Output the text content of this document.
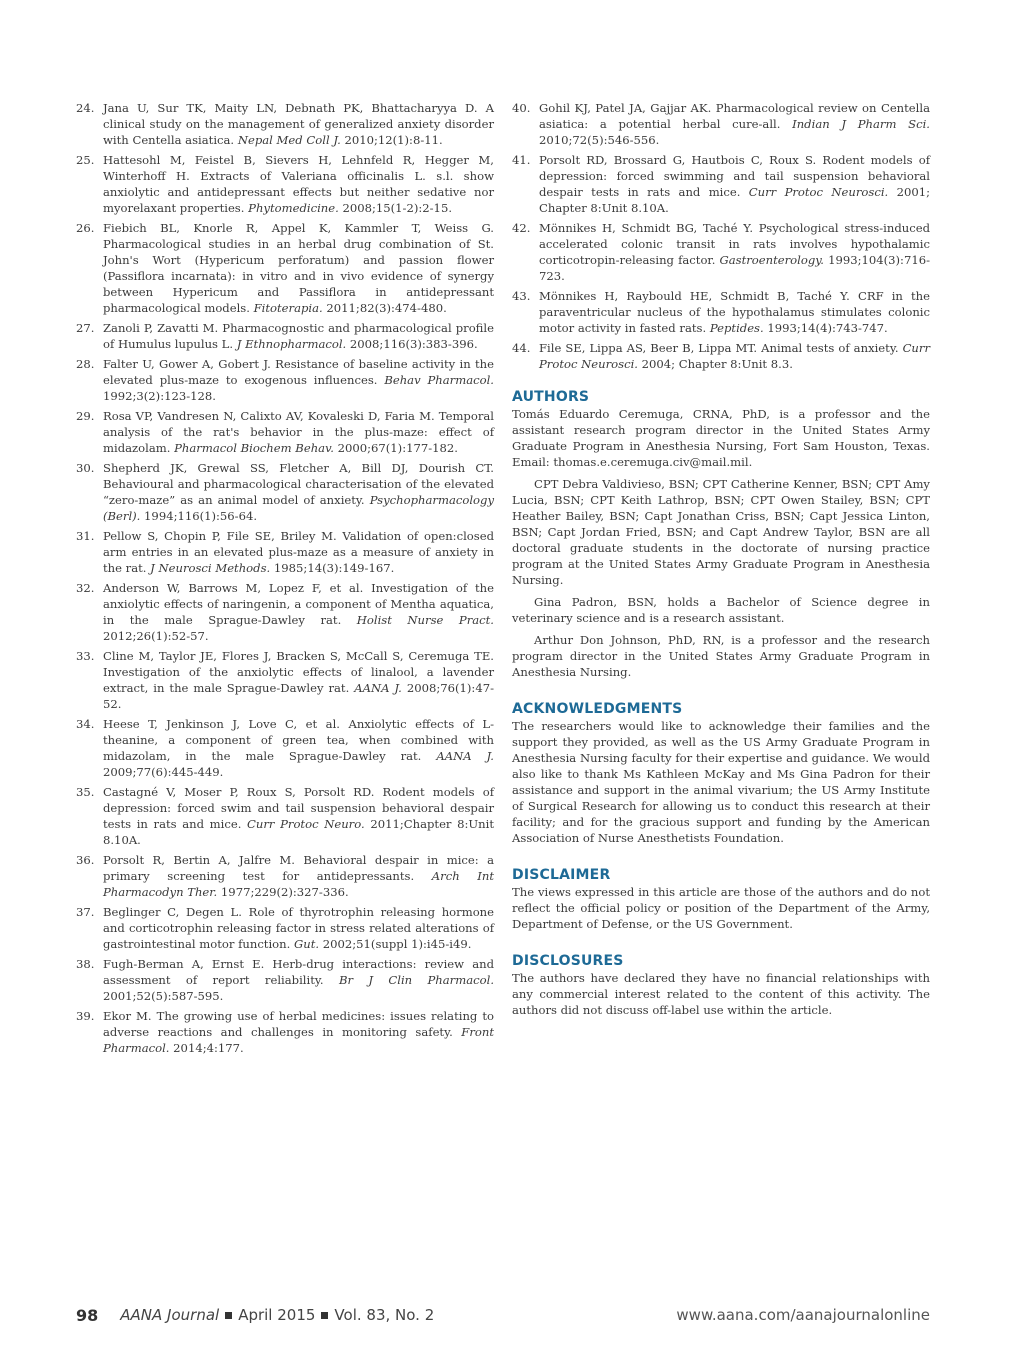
24. Jana U, Sur TK, Maity LN, Debnath PK, Bhattacharyya D. A clinical study on the management of generalized anxiety disorder with Centella asiatica. Nepal Med Coll J. 2010;12(1):8-11.
25. Hattesohl M, Feistel B, Sievers H, Lehnfeld R, Hegger M, Winterhoff H. Extracts of Valeriana officinalis L. s.l. show anxiolytic and antidepressant effects but neither sedative nor myorelaxant properties. Phytomedicine. 2008;15(1-2):2-15.
26. Fiebich BL, Knorle R, Appel K, Kammler T, Weiss G. Pharmacological studies in an herbal drug combination of St. John's Wort (Hypericum perforatum) and passion flower (Passiflora incarnata): in vitro and in vivo evidence of synergy between Hypericum and Passiflora in antidepressant pharmacological models. Fitoterapia. 2011;82(3):474-480.
27. Zanoli P, Zavatti M. Pharmacognostic and pharmacological profile of Humulus lupulus L. J Ethnopharmacol. 2008;116(3):383-396.
28. Falter U, Gower A, Gobert J. Resistance of baseline activity in the elevated plus-maze to exogenous influences. Behav Pharmacol. 1992;3(2):123-128.
29. Rosa VP, Vandresen N, Calixto AV, Kovaleski D, Faria M. Temporal analysis of the rat's behavior in the plus-maze: effect of midazolam. Pharmacol Biochem Behav. 2000;67(1):177-182.
30. Shepherd JK, Grewal SS, Fletcher A, Bill DJ, Dourish CT. Behavioural and pharmacological characterisation of the elevated “zero-maze” as an animal model of anxiety. Psychopharmacology (Berl). 1994;116(1):56-64.
31. Pellow S, Chopin P, File SE, Briley M. Validation of open:closed arm entries in an elevated plus-maze as a measure of anxiety in the rat. J Neurosci Methods. 1985;14(3):149-167.
32. Anderson W, Barrows M, Lopez F, et al. Investigation of the anxiolytic effects of naringenin, a component of Mentha aquatica, in the male Sprague-Dawley rat. Holist Nurse Pract. 2012;26(1):52-57.
33. Cline M, Taylor JE, Flores J, Bracken S, McCall S, Ceremuga TE. Investigation of the anxiolytic effects of linalool, a lavender extract, in the male Sprague-Dawley rat. AANA J. 2008;76(1):47-52.
34. Heese T, Jenkinson J, Love C, et al. Anxiolytic effects of L-theanine, a component of green tea, when combined with midazolam, in the male Sprague-Dawley rat. AANA J. 2009;77(6):445-449.
35. Castagné V, Moser P, Roux S, Porsolt RD. Rodent models of depression: forced swim and tail suspension behavioral despair tests in rats and mice. Curr Protoc Neuro. 2011;Chapter 8:Unit 8.10A.
36. Porsolt R, Bertin A, Jalfre M. Behavioral despair in mice: a primary screening test for antidepressants. Arch Int Pharmacodyn Ther. 1977;229(2):327-336.
37. Beglinger C, Degen L. Role of thyrotrophin releasing hormone and corticotrophin releasing factor in stress related alterations of gastrointestinal motor function. Gut. 2002;51(suppl 1):i45-i49.
38. Fugh-Berman A, Ernst E. Herb-drug interactions: review and assessment of report reliability. Br J Clin Pharmacol. 2001;52(5):587-595.
39. Ekor M. The growing use of herbal medicines: issues relating to adverse reactions and challenges in monitoring safety. Front Pharmacol. 2014;4:177.
40. Gohil KJ, Patel JA, Gajjar AK. Pharmacological review on Centella asiatica: a potential herbal cure-all. Indian J Pharm Sci. 2010;72(5):546-556.
41. Porsolt RD, Brossard G, Hautbois C, Roux S. Rodent models of depression: forced swimming and tail suspension behavioral despair tests in rats and mice. Curr Protoc Neurosci. 2001; Chapter 8:Unit 8.10A.
42. Mönnikes H, Schmidt BG, Taché Y. Psychological stress-induced accelerated colonic transit in rats involves hypothalamic corticotropin-releasing factor. Gastroenterology. 1993;104(3):716-723.
43. Mönnikes H, Raybould HE, Schmidt B, Taché Y. CRF in the paraventricular nucleus of the hypothalamus stimulates colonic motor activity in fasted rats. Peptides. 1993;14(4):743-747.
44. File SE, Lippa AS, Beer B, Lippa MT. Animal tests of anxiety. Curr Protoc Neurosci. 2004; Chapter 8:Unit 8.3.
AUTHORS

Tomás Eduardo Ceremuga, CRNA, PhD, is a professor and the assistant research program director in the United States Army Graduate Program in Anesthesia Nursing, Fort Sam Houston, Texas. Email: thomas.e.ceremuga.civ@mail.mil.

CPT Debra Valdivieso, BSN; CPT Catherine Kenner, BSN; CPT Amy Lucia, BSN; CPT Keith Lathrop, BSN; CPT Owen Stailey, BSN; CPT Heather Bailey, BSN; Capt Jonathan Criss, BSN; Capt Jessica Linton, BSN; Capt Jordan Fried, BSN; and Capt Andrew Taylor, BSN are all doctoral graduate students in the doctorate of nursing practice program at the United States Army Graduate Program in Anesthesia Nursing.

Gina Padron, BSN, holds a Bachelor of Science degree in veterinary science and is a research assistant.

Arthur Don Johnson, PhD, RN, is a professor and the research program director in the United States Army Graduate Program in Anesthesia Nursing.

ACKNOWLEDGMENTS

The researchers would like to acknowledge their families and the support they provided, as well as the US Army Graduate Program in Anesthesia Nursing faculty for their expertise and guidance. We would also like to thank Ms Kathleen McKay and Ms Gina Padron for their assistance and support in the animal vivarium; the US Army Institute of Surgical Research for allowing us to conduct this research at their facility; and for the gracious support and funding by the American Association of Nurse Anesthetists Foundation.

DISCLAIMER

The views expressed in this article are those of the authors and do not reflect the official policy or position of the Department of the Army, Department of Defense, or the US Government.

DISCLOSURES

The authors have declared they have no financial relationships with any commercial interest related to the content of this activity. The authors did not discuss off-label use within the article.

98 AANA Journal April 2015 Vol. 83, No. 2	www.aana.com/aanajournalonline
